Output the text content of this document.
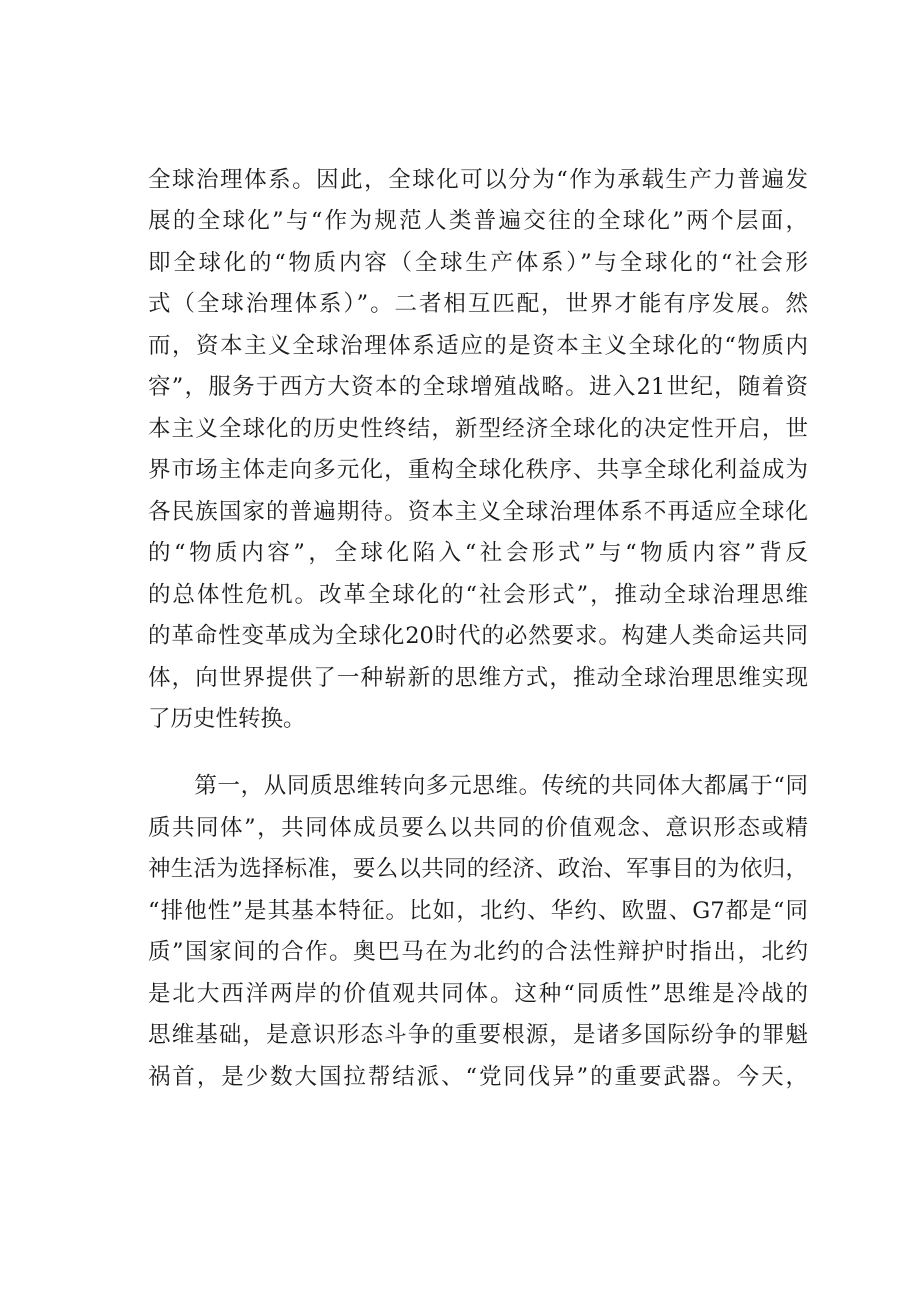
全球治理体系。因此，全球化可以分为“作为承载生产力普遍发
展的全球化”与“作为规范人类普遍交往的全球化”两个层面，
即全球化的“物质内容（全球生产体系）”与全球化的“社会形
式（全球治理体系）”。二者相互匹配，世界才能有序发展。然
而，资本主义全球治理体系适应的是资本主义全球化的“物质内
容”，服务于西方大资本的全球增殖战略。进入21世纪，随着资
本主义全球化的历史性终结，新型经济全球化的决定性开启，世
界市场主体走向多元化，重构全球化秩序、共享全球化利益成为
各民族国家的普遍期待。资本主义全球治理体系不再适应全球化
的“物质内容”，全球化陷入“社会形式”与“物质内容”背反
的总体性危机。改革全球化的“社会形式”，推动全球治理思维
的革命性变革成为全球化20时代的必然要求。构建人类命运共同
体，向世界提供了一种崭新的思维方式，推动全球治理思维实现
了历史性转换。
　　第一，从同质思维转向多元思维。传统的共同体大都属于“同
质共同体”，共同体成员要么以共同的价值观念、意识形态或精
神生活为选择标准，要么以共同的经济、政治、军事目的为依归，
“排他性”是其基本特征。比如，北约、华约、欧盟、G7都是“同
质”国家间的合作。奥巴马在为北约的合法性辩护时指出，北约
是北大西洋两岸的价值观共同体。这种“同质性”思维是冷战的
思维基础，是意识形态斗争的重要根源，是诸多国际纷争的罪魁
祸首，是少数大国拉帮结派、“党同伐异”的重要武器。今天，
